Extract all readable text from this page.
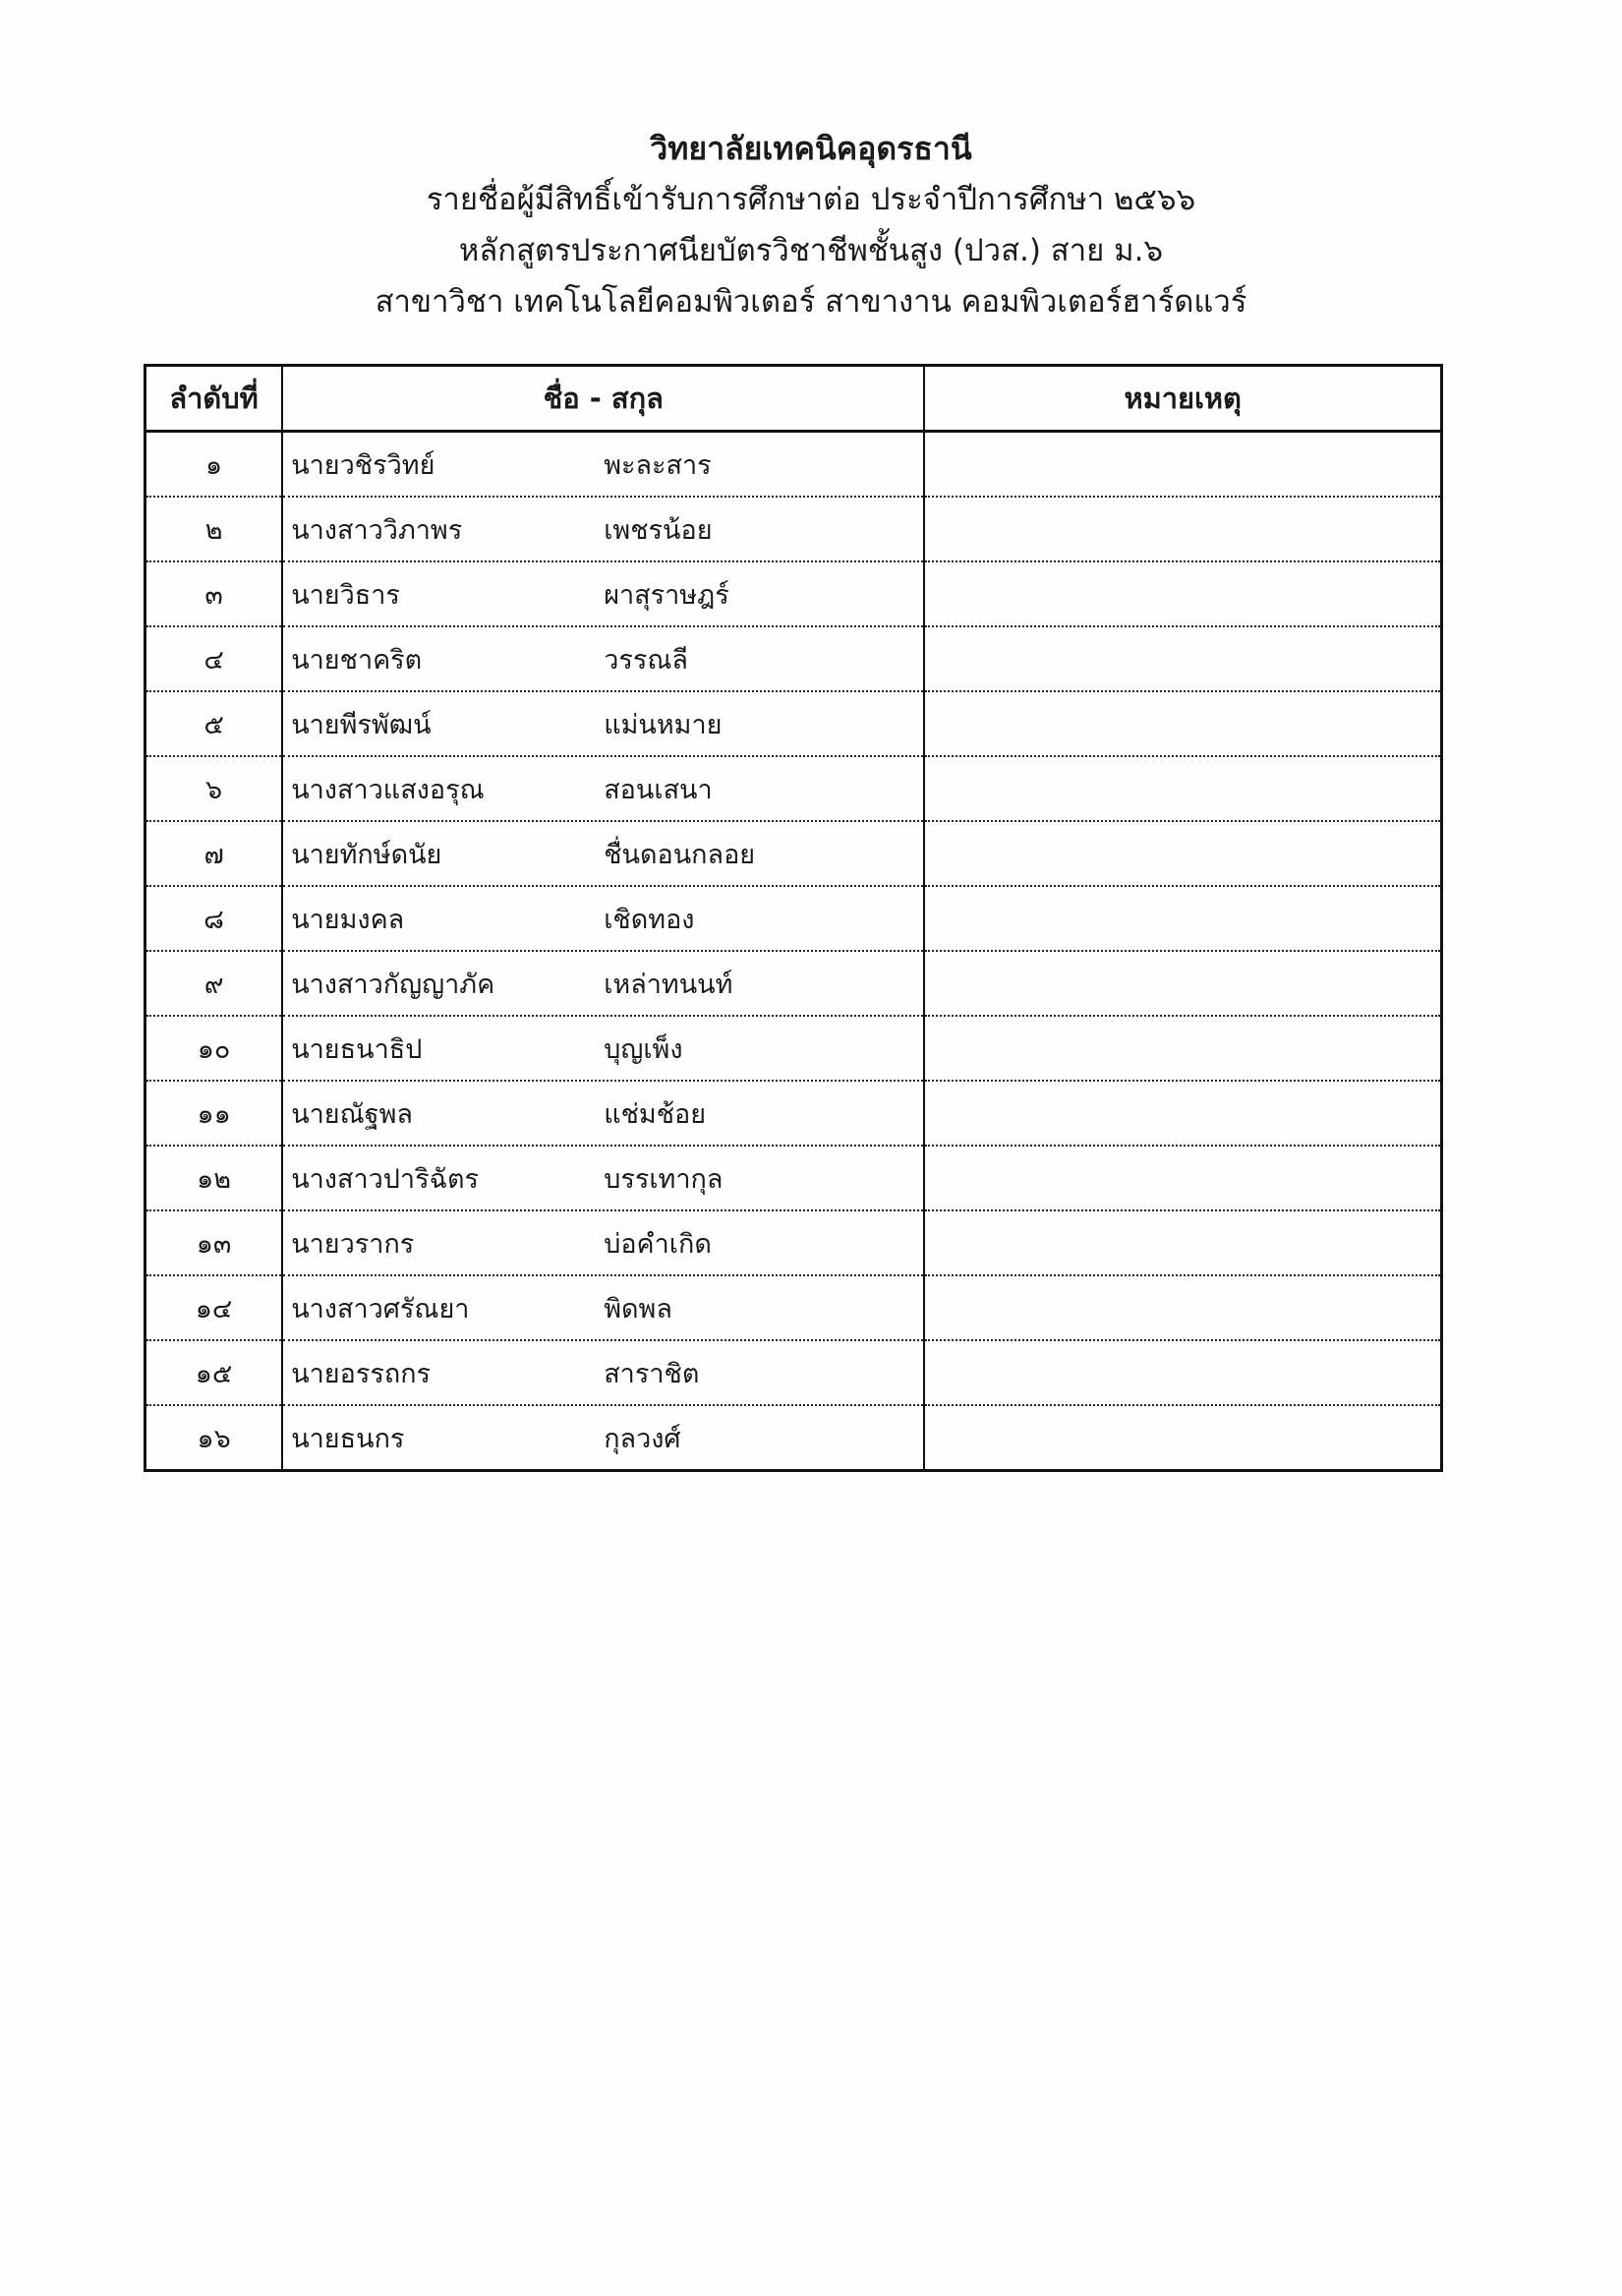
วิทยาลัยเทคนิคอุดรธานี
รายชื่อผู้มีสิทธิ์เข้ารับการศึกษาต่อ ประจำปีการศึกษา ๒๕๖๖
หลักสูตรประกาศนียบัตรวิชาชีพชั้นสูง (ปวส.) สาย ม.๖
สาขาวิชา เทคโนโลยีคอมพิวเตอร์ สาขางาน คอมพิวเตอร์ฮาร์ดแวร์
ลำดับที่	ชื่อ - สกุล	หมายเหตุ
๑	นายวชิรวิทย์ พะละสาร	
๒	นางสาววิภาพร เพชรน้อย	
๓	นายวิธาร ผาสุราษฎร์	
๔	นายชาคริต วรรณลี	
๕	นายพีรพัฒน์ แม่นหมาย	
๖	นางสาวแสงอรุณ สอนเสนา	
๗	นายทักษ์ดนัย ชื่นดอนกลอย	
๘	นายมงคล เชิดทอง	
๙	นางสาวกัญญาภัค เหล่าทนนท์	
๑๐	นายธนาธิป บุญเพ็ง	
๑๑	นายณัฐพล แช่มช้อย	
๑๒	นางสาวปาริฉัตร บรรเทากุล	
๑๓	นายวรากร บ่อคำเกิด	
๑๔	นางสาวศรัณยา พิดพล	
๑๕	นายอรรถกร สาราชิต	
๑๖	นายธนกร กุลวงศ์	
